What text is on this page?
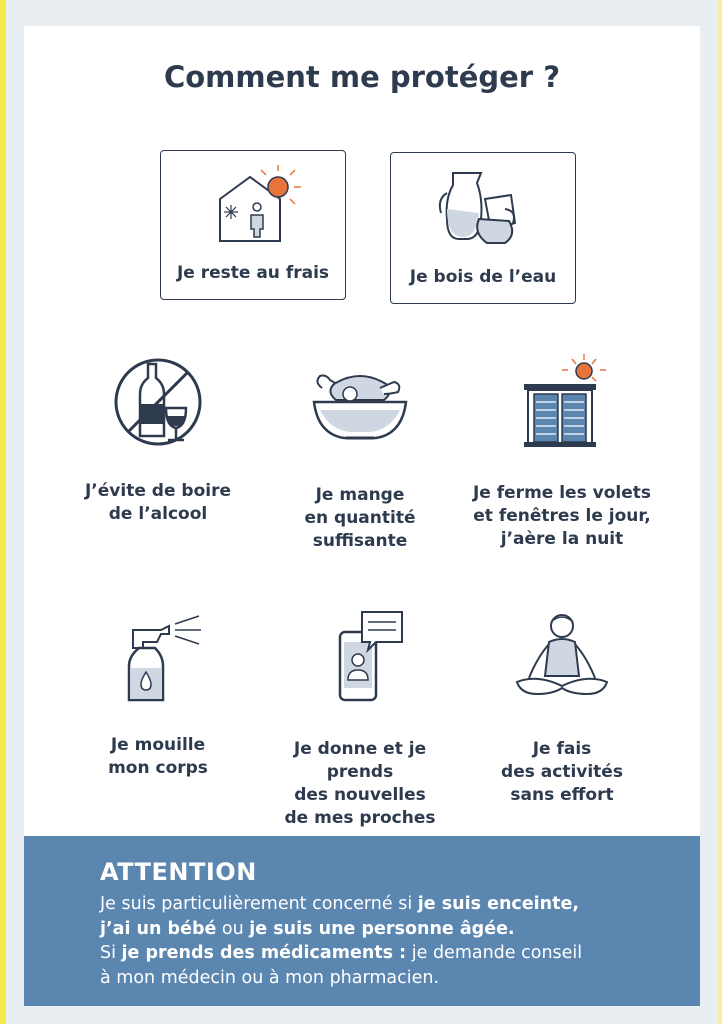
Comment me protéger ?
Je reste au frais	Je bois de l’eau
J’évite de boire
de l’alcool
Je mange
en quantité
suffisante
Je ferme les volets
et fenêtres le jour,
j’aère la nuit
Je mouille
mon corps
Je donne et je prends
des nouvelles
de mes proches
Je fais
des activités
sans effort
ATTENTION
Je suis particulièrement concerné si je suis enceinte,
j’ai un bébé ou je suis une personne âgée.
Si je prends des médicaments : je demande conseil
à mon médecin ou à mon pharmacien.
